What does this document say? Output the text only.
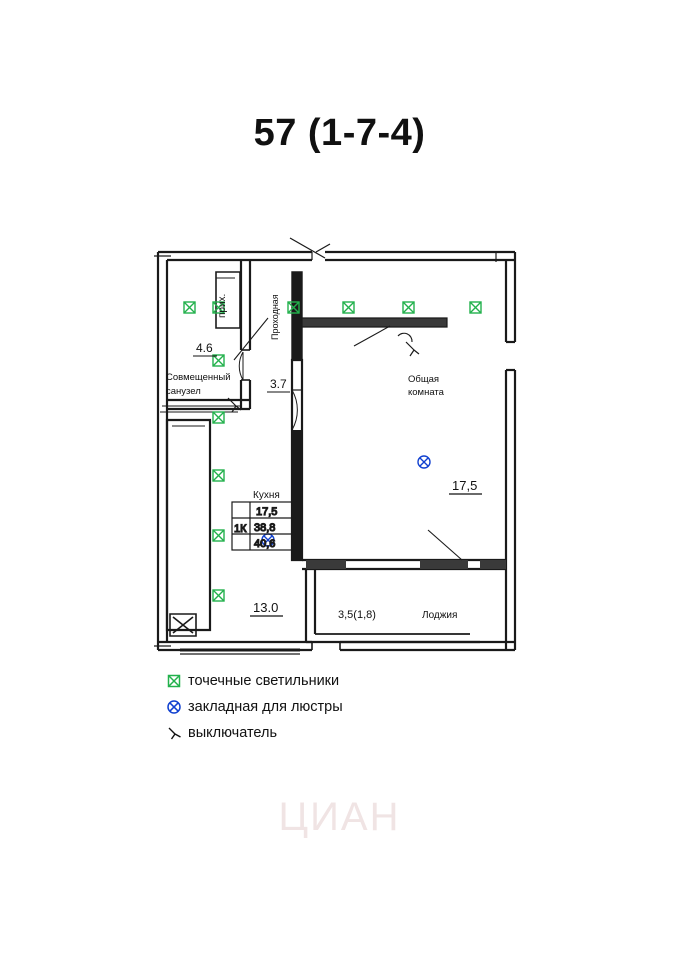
57 (1-7-4)
Совмещенный
санузел
4.6
прих.
3.7
Проходная
Кухня
13.0
Общая
комната
17,5
Лоджия
3,5(1,8)
1К
17,5
38,8
40,6
точечные светильники
закладная для люстры
выключатель
ЦИАН
